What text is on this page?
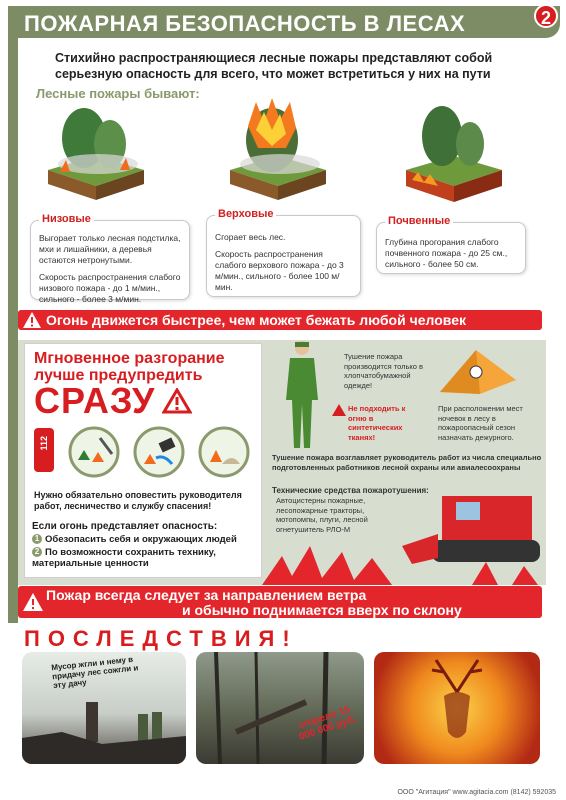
ПОЖАРНАЯ БЕЗОПАСНОСТЬ В ЛЕСАХ	2
Стихийно распространяющиеся лесные пожары представляют собой серьезную опасность для всего, что может встретиться у них на пути
Лесные пожары бывают:
Низовые
Выгорает только лесная подстилка, мхи и лишайники, а деревья остаются нетронутыми.
Скорость распространения слабого низового пожара - до 1 м/мин., сильного - более 3 м/мин.
Верховые
Сгорает весь лес.
Скорость распространения слабого верхового пожара - до 3 м/мин., сильного - более 100 м/мин.
Почвенные
Глубина прогорания слабого почвенного пожара - до 25 см., сильного - более 50 см.
Огонь движется быстрее, чем может бежать любой человек
Мгновенное разгорание
лучше предупредить
СРАЗУ
112
Нужно обязательно оповестить руководителя работ, лесничество и службу спасения!
Если огонь представляет опасность:
1 Обезопасить себя и окружающих людей
2 По возможности сохранить технику, материальные ценности
Тушение пожара производится только в хлопчатобумажной одежде!
Не подходить к огню в синтетических тканях!
При расположении мест ночевок в лесу в пожароопасный сезон назначать дежурного.
Тушение пожара возглавляет руководитель работ из числа специально подготовленных работников лесной охраны или авиалесоохраны
Технические средства пожаротушения:
Автоцистерны пожарные, лесопожарные тракторы, мотопомпы, плуги, лесной огнетушитель РЛО-М
Пожар всегда следует за направлением ветра
и обычно поднимается вверх по склону
ПОСЛЕДСТВИЯ!
Мусор жгли и нему в придачу лес сожгли и эту дачу
сгорело 15 000 000 руб.
ООО "Агитация" www.agitacia.com (8142) 592035
